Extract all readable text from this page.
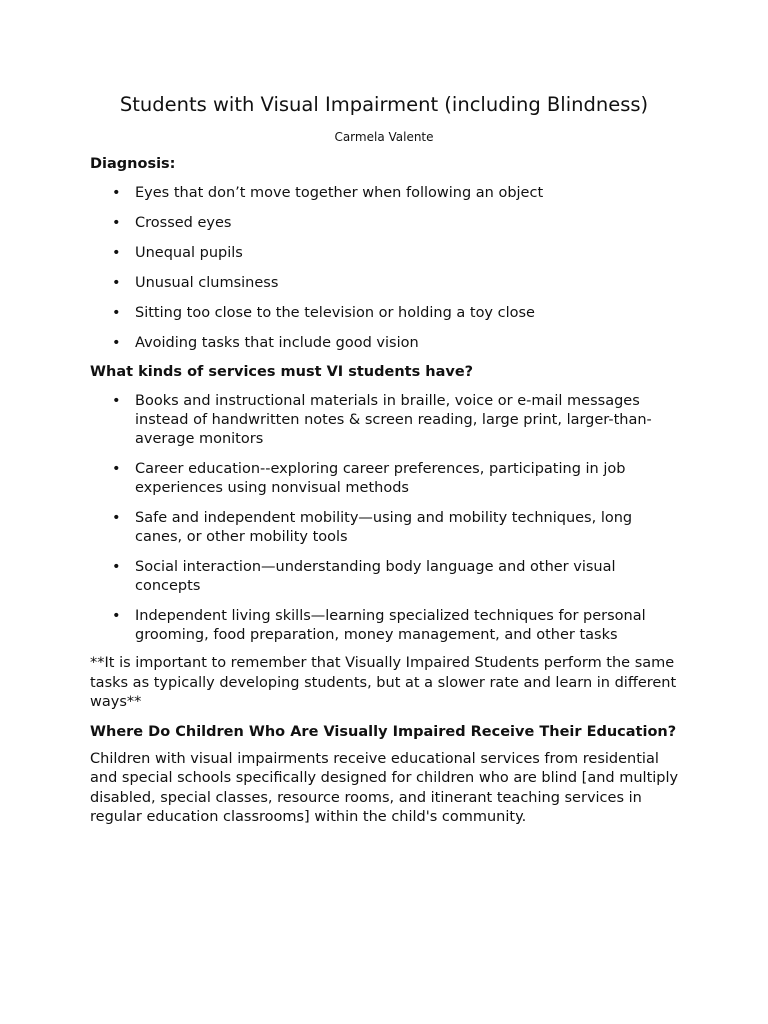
Students with Visual Impairment (including Blindness)

Carmela Valente

Diagnosis:
• Eyes that don’t move together when following an object
• Crossed eyes
• Unequal pupils
• Unusual clumsiness
• Sitting too close to the television or holding a toy close
• Avoiding tasks that include good vision
What kinds of services must VI students have?
• Books and instructional materials in braille, voice or e-mail messages instead of handwritten notes & screen reading, large print, larger-than-average monitors
• Career education--exploring career preferences, participating in job experiences using nonvisual methods
• Safe and independent mobility—using and mobility techniques, long canes, or other mobility tools
• Social interaction—understanding body language and other visual concepts
• Independent living skills—learning specialized techniques for personal grooming, food preparation, money management, and other tasks

**It is important to remember that Visually Impaired Students perform the same tasks as typically developing students, but at a slower rate and learn in different ways**

Where Do Children Who Are Visually Impaired Receive Their Education?

Children with visual impairments receive educational services from residential and special schools specifically designed for children who are blind [and multiply disabled, special classes, resource rooms, and itinerant teaching services in regular education classrooms] within the child's community.
